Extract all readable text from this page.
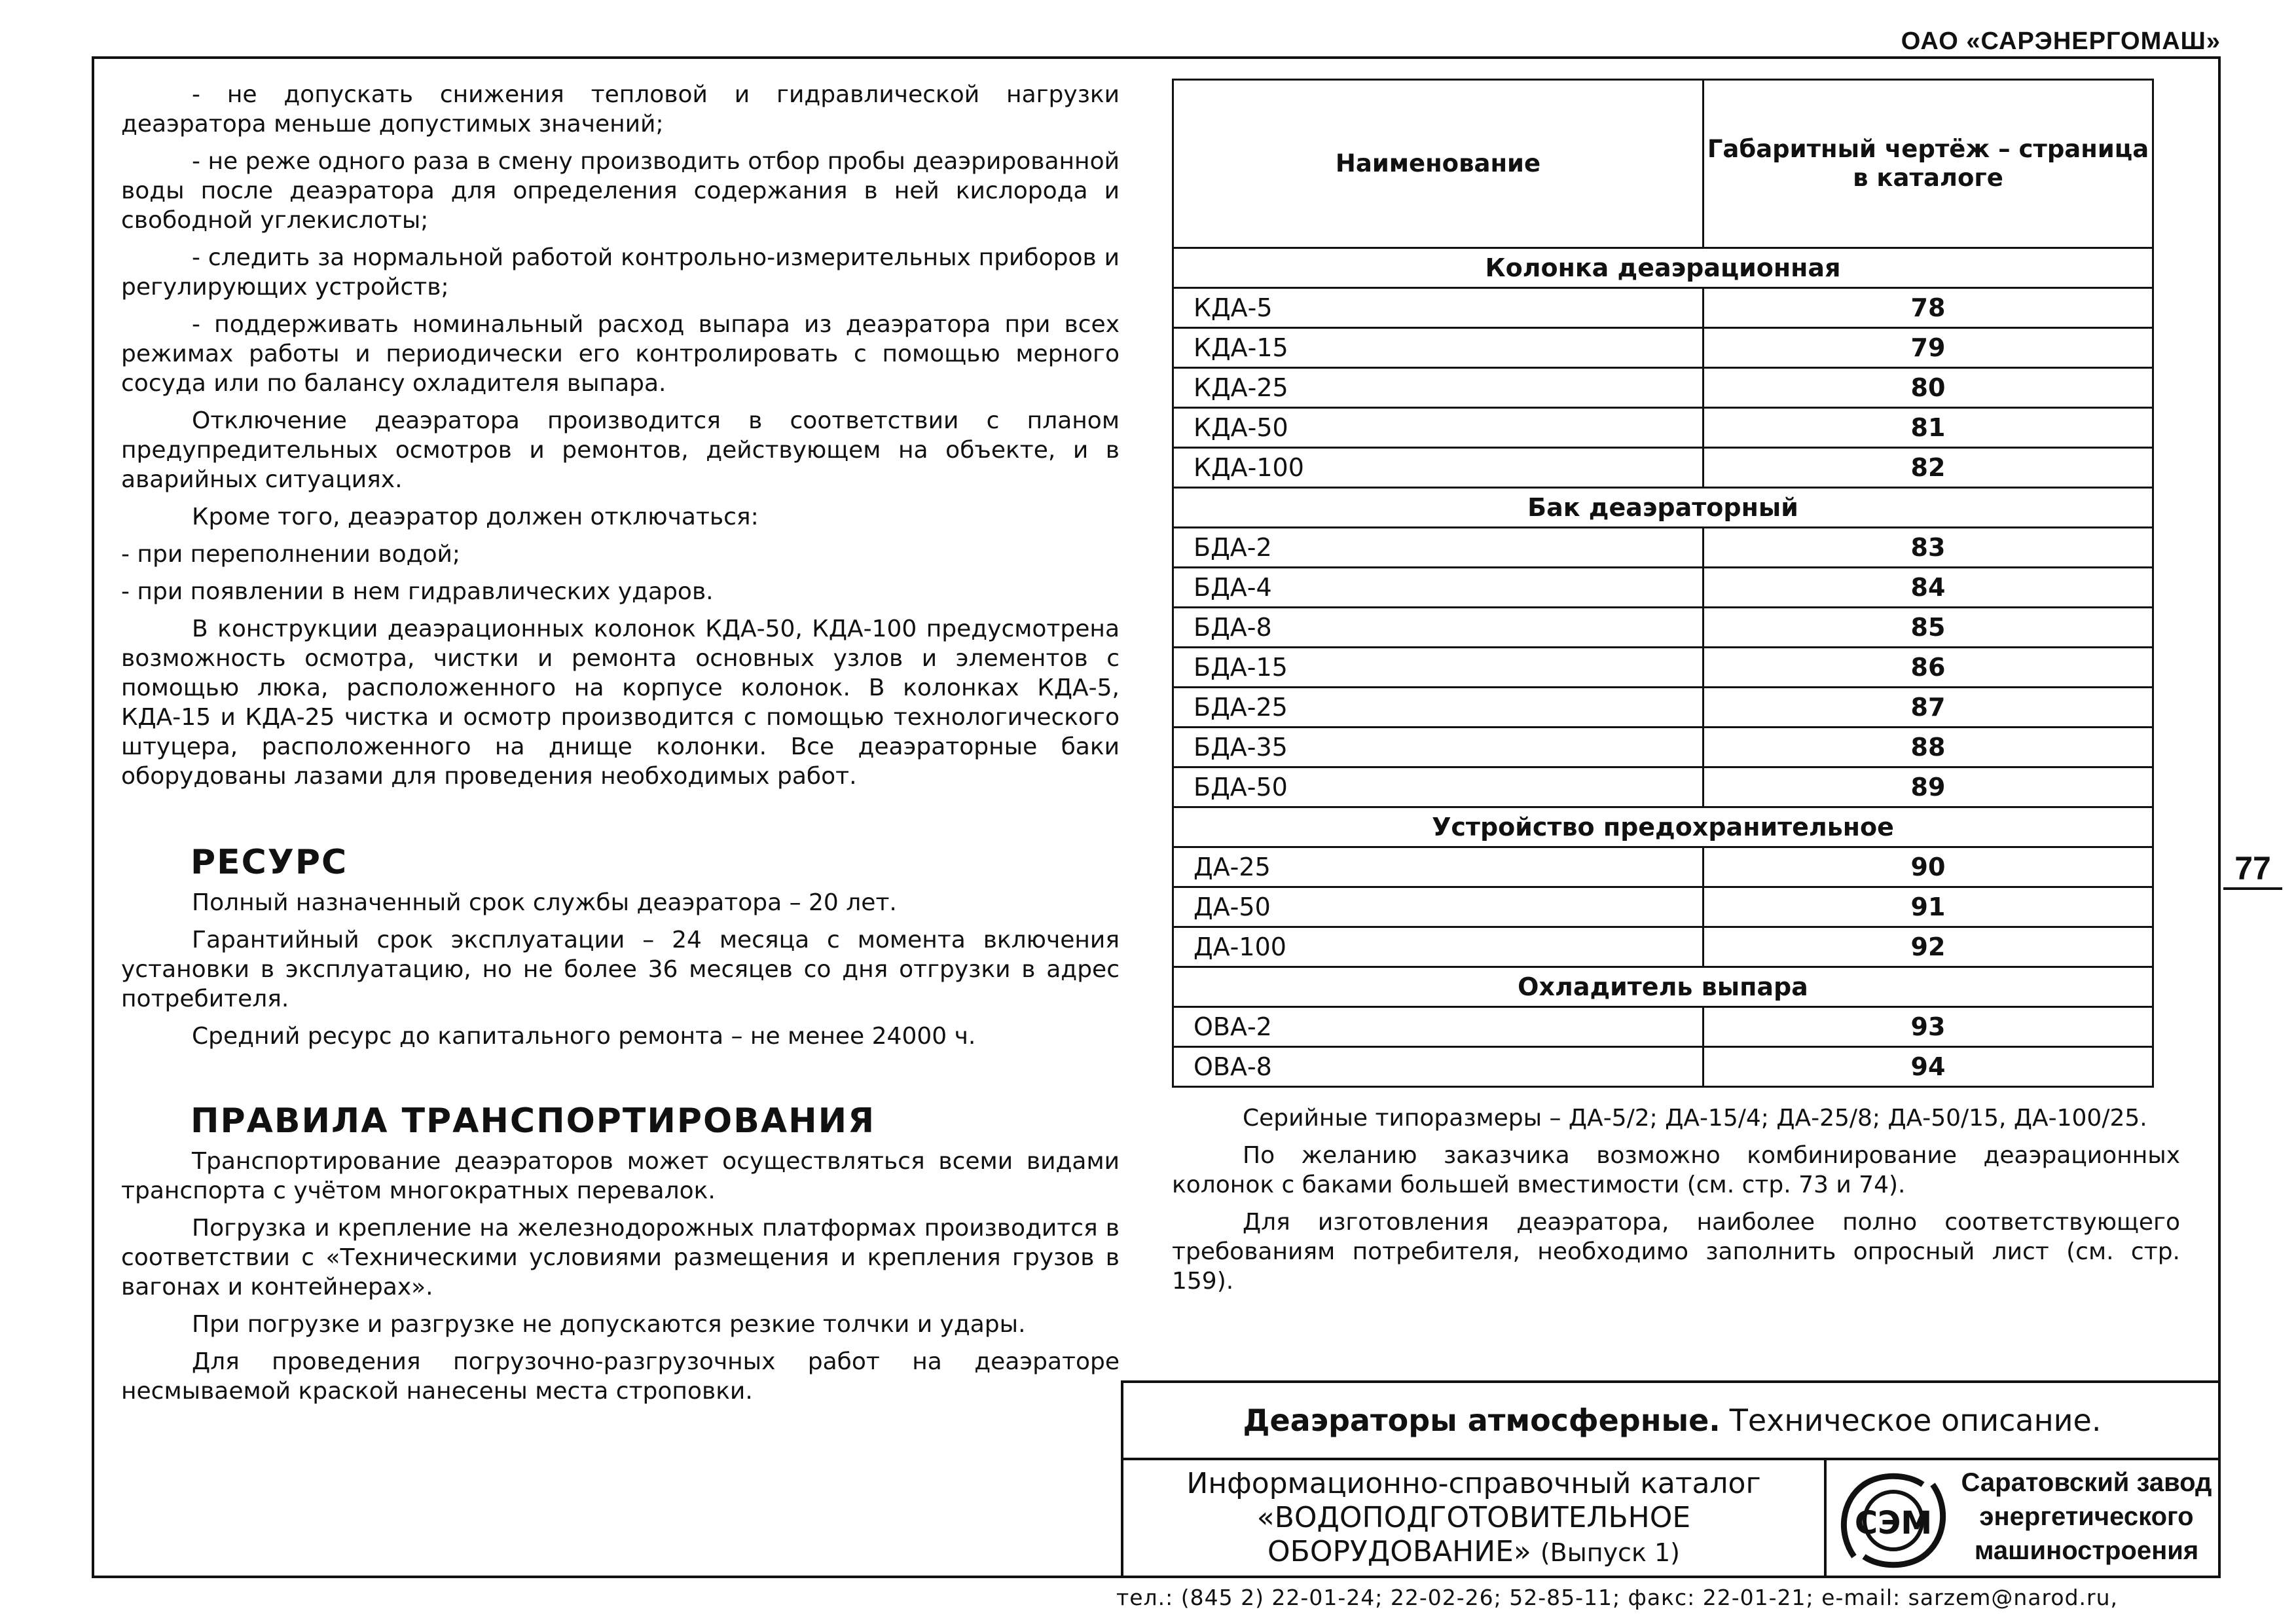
ОАО «САРЭНЕРГОМАШ»

- не допускать снижения тепловой и гидравлической нагрузки деаэратора меньше допустимых значений;

- не реже одного раза в смену производить отбор пробы деаэрированной воды после деаэратора для определения содержания в ней кислорода и свободной углекислоты;

- следить за нормальной работой контрольно-измерительных приборов и регулирующих устройств;

- поддерживать номинальный расход выпара из деаэратора при всех режимах работы и периодически его контролировать с помощью мерного сосуда или по балансу охладителя выпара.

Отключение деаэратора производится в соответствии с планом предупредительных осмотров и ремонтов, действующем на объекте, и в аварийных ситуациях.

Кроме того, деаэратор должен отключаться:

- при переполнении водой;

- при появлении в нем гидравлических ударов.

В конструкции деаэрационных колонок КДА-50, КДА-100 предусмотрена возможность осмотра, чистки и ремонта основных узлов и элементов с помощью люка, расположенного на корпусе колонок. В колонках КДА-5, КДА-15 и КДА-25 чистка и осмотр производится с помощью технологического штуцера, расположенного на днище колонки. Все деаэраторные баки оборудованы лазами для проведения необходимых работ.

РЕСУРС

Полный назначенный срок службы деаэратора – 20 лет.

Гарантийный срок эксплуатации – 24 месяца с момента включения установки в эксплуатацию, но не более 36 месяцев со дня отгрузки в адрес потребителя.

Средний ресурс до капитального ремонта – не менее 24000 ч.

ПРАВИЛА ТРАНСПОРТИРОВАНИЯ

Транспортирование деаэраторов может осуществляться всеми видами транспорта с учётом многократных перевалок.

Погрузка и крепление на железнодорожных платформах производится в соответствии с «Техническими условиями размещения и крепления грузов в вагонах и контейнерах».

При погрузке и разгрузке не допускаются резкие толчки и удары.

Для проведения погрузочно-разгрузочных работ на деаэраторе несмываемой краской нанесены места строповки.

Наименование	Габаритный чертёж – страница в каталоге
Колонка деаэрационная	
КДА-5	78
КДА-15	79
КДА-25	80
КДА-50	81
КДА-100	82
Бак деаэраторный	
БДА-2	83
БДА-4	84
БДА-8	85
БДА-15	86
БДА-25	87
БДА-35	88
БДА-50	89
Устройство предохранительное	
ДА-25	90
ДА-50	91
ДА-100	92
Охладитель выпара	
ОВА-2	93
ОВА-8	94

Серийные типоразмеры – ДА-5/2; ДА-15/4; ДА-25/8; ДА-50/15, ДА-100/25.

По желанию заказчика возможно комбинирование деаэрационных колонок с баками большей вместимости (см. стр. 73 и 74).

Для изготовления деаэратора, наиболее полно соответствующего требованиям потребителя, необходимо заполнить опросный лист (см. стр. 159).

77
Деаэраторы атмосферные. Техническое описание.
Информационно-справочный каталог
«ВОДОПОДГОТОВИТЕЛЬНОЕ
ОБОРУДОВАНИЕ» (Выпуск 1)
СЭМ
Саратовский завод
энергетического
машиностроения
тел.: (845 2) 22-01-24; 22-02-26; 52-85-11; факс: 22-01-21; e-mail: sarzem@narod.ru,
